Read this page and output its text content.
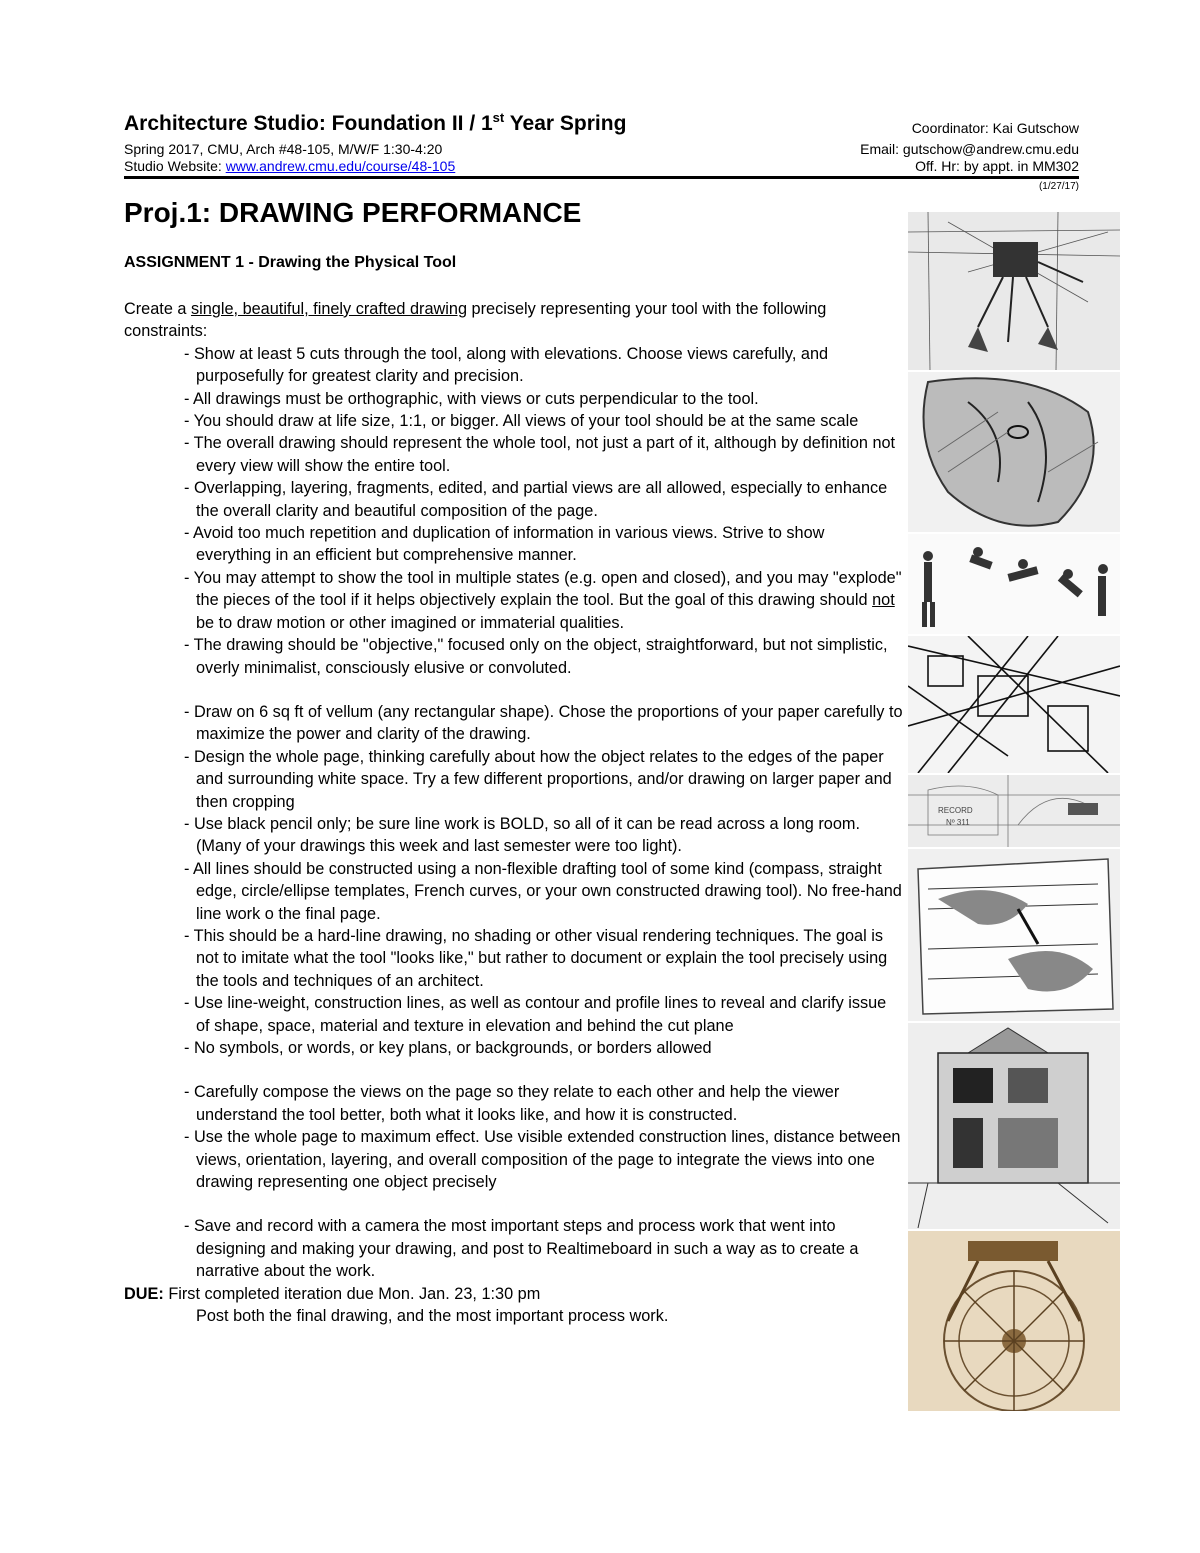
Architecture Studio: Foundation II / 1st Year Spring	Coordinator: Kai Gutschow
Spring 2017, CMU, Arch #48-105, M/W/F 1:30-4:20	Email: gutschow@andrew.cmu.edu
Studio Website: www.andrew.cmu.edu/course/48-105	Off. Hr: by appt. in MM302
(1/27/17)
Proj.1: DRAWING PERFORMANCE
ASSIGNMENT 1 - Drawing the Physical Tool

Create a single, beautiful, finely crafted drawing precisely representing your tool with the following constraints:

- Show at least 5 cuts through the tool, along with elevations. Choose views carefully, and purposefully for greatest clarity and precision.
- All drawings must be orthographic, with views or cuts perpendicular to the tool.
- You should draw at life size, 1:1, or bigger. All views of your tool should be at the same scale
- The overall drawing should represent the whole tool, not just a part of it, although by definition not every view will show the entire tool.
- Overlapping, layering, fragments, edited, and partial views are all allowed, especially to enhance the overall clarity and beautiful composition of the page.
- Avoid too much repetition and duplication of information in various views. Strive to show everything in an efficient but comprehensive manner.
- You may attempt to show the tool in multiple states (e.g. open and closed), and you may "explode" the pieces of the tool if it helps objectively explain the tool. But the goal of this drawing should not be to draw motion or other imagined or immaterial qualities.
- The drawing should be "objective," focused only on the object, straightforward, but not simplistic, overly minimalist, consciously elusive or convoluted.
- Draw on 6 sq ft of vellum (any rectangular shape). Chose the proportions of your paper carefully to maximize the power and clarity of the drawing.
- Design the whole page, thinking carefully about how the object relates to the edges of the paper and surrounding white space. Try a few different proportions, and/or drawing on larger paper and then cropping
- Use black pencil only; be sure line work is BOLD, so all of it can be read across a long room. (Many of your drawings this week and last semester were too light).
- All lines should be constructed using a non-flexible drafting tool of some kind (compass, straight edge, circle/ellipse templates, French curves, or your own constructed drawing tool). No free-hand line work o the final page.
- This should be a hard-line drawing, no shading or other visual rendering techniques. The goal is not to imitate what the tool "looks like," but rather to document or explain the tool precisely using the tools and techniques of an architect.
- Use line-weight, construction lines, as well as contour and profile lines to reveal and clarify issue of shape, space, material and texture in elevation and behind the cut plane
- No symbols, or words, or key plans, or backgrounds, or borders allowed
- Carefully compose the views on the page so they relate to each other and help the viewer understand the tool better, both what it looks like, and how it is constructed.
- Use the whole page to maximum effect. Use visible extended construction lines, distance between views, orientation, layering, and overall composition of the page to integrate the views into one drawing representing one object precisely
- Save and record with a camera the most important steps and process work that went into designing and making your drawing, and post to Realtimeboard in such a way as to create a narrative about the work.

DUE: First completed iteration due Mon. Jan. 23, 1:30 pm

Post both the final drawing, and the most important process work.

RECORD
Nº 311
